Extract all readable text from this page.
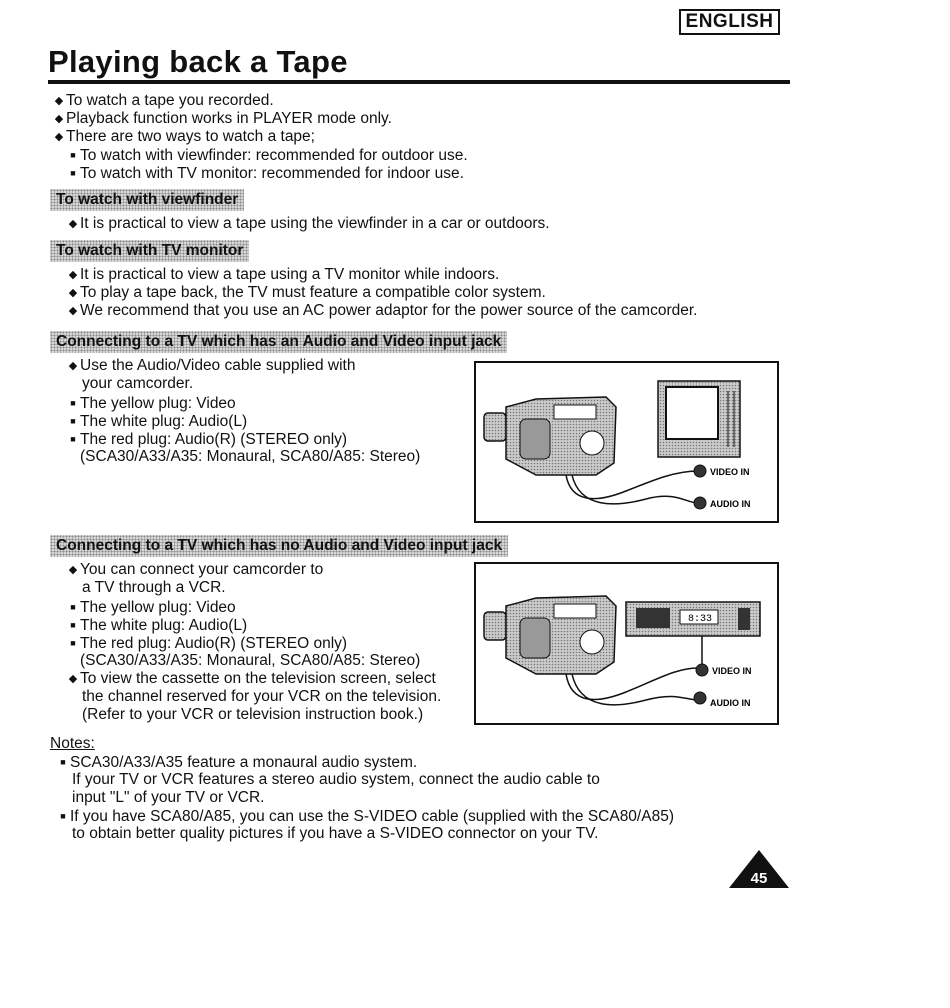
ENGLISH
Playing back a Tape
◆ To watch a tape you recorded.
◆ Playback function works in PLAYER mode only.
◆ There are two ways to watch a tape;
■ To watch with viewfinder: recommended for outdoor use.
■ To watch with TV monitor: recommended for indoor use.
To watch with viewfinder
◆ It is practical to view a tape using the viewfinder in a car or outdoors.
To watch with TV monitor
◆ It is practical to view a tape using a TV monitor while indoors.
◆ To play a tape back, the TV must feature a compatible color system.
◆ We recommend that you use an AC power adaptor for the power source of the camcorder.
Connecting to a TV which has an Audio and Video input jack
◆ Use the Audio/Video cable supplied with
your camcorder.
■ The yellow plug: Video
■ The white plug: Audio(L)
■ The red plug: Audio(R) (STEREO only)
(SCA30/A33/A35: Monaural, SCA80/A85: Stereo)
VIDEO IN
AUDIO IN
Connecting to a TV which has no Audio and Video input jack
◆ You can connect your camcorder to
a TV through a VCR.
■ The yellow plug: Video
■ The white plug: Audio(L)
■ The red plug: Audio(R) (STEREO only)
(SCA30/A33/A35: Monaural, SCA80/A85: Stereo)
◆ To view the cassette on the television screen, select
the channel reserved for your VCR on the television.
(Refer to your VCR or television instruction book.)
8:33
VIDEO IN
AUDIO IN
Notes:
■ SCA30/A33/A35 feature a monaural audio system.
If your TV or VCR features a stereo audio system, connect the audio cable to
input "L" of your TV or VCR.
■ If you have SCA80/A85, you can use the S-VIDEO cable (supplied with the SCA80/A85)
to obtain better quality pictures if you have a S-VIDEO connector on your TV.
45
